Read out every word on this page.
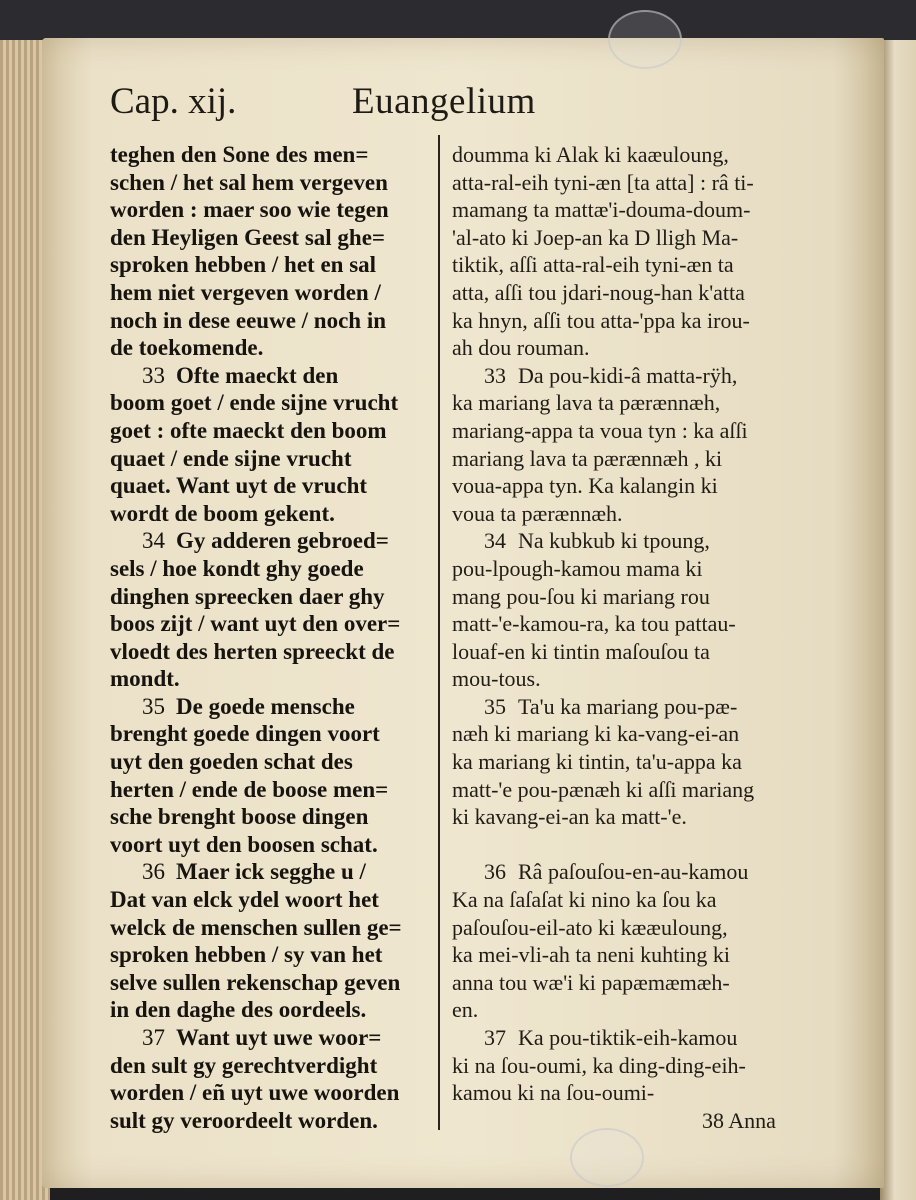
Cap. xij.	Euangelium
teghen den Sone des men=
schen / het sal hem vergeven
worden : maer soo wie tegen
den Heyligen Geest sal ghe=
sproken hebben / het en sal
hem niet vergeven worden /
noch in dese eeuwe / noch in
de toekomende.
33 Ofte maeckt den
boom goet / ende sijne vrucht
goet : ofte maeckt den boom
quaet / ende sijne vrucht
quaet. Want uyt de vrucht
wordt de boom gekent.
34 Gy adderen gebroed=
sels / hoe kondt ghy goede
dinghen spreecken daer ghy
boos zijt / want uyt den over=
vloedt des herten spreeckt de
mondt.
35 De goede mensche
brenght goede dingen voort
uyt den goeden schat des
herten / ende de boose men=
sche brenght boose dingen
voort uyt den boosen schat.
36 Maer ick segghe u /
Dat van elck ydel woort het
welck de menschen sullen ge=
sproken hebben / sy van het
selve sullen rekenschap geven
in den daghe des oordeels.
37 Want uyt uwe woor=
den sult gy gerechtverdight
worden / eñ uyt uwe woorden
sult gy veroordeelt worden.
doumma ki Alak ki kaæuloung,
atta-ral-eih tyni-æn [ta atta] : râ ti-
mamang ta mattæ'i-douma-doum-
'al-ato ki Joep-an ka D lligh Ma-
tiktik, aſſi atta-ral-eih tyni-æn ta
atta, aſſi tou jdari-noug-han k'atta
ka hnyn, aſſi tou atta-'ppa ka irou-
ah dou rouman.
33 Da pou-kidi-â matta-rÿh,
ka mariang lava ta pærænnæh,
mariang-appa ta voua tyn : ka aſſi
mariang lava ta pærænnæh , ki
voua-appa tyn. Ka kalangin ki
voua ta pærænnæh.
34 Na kubkub ki tpoung,
pou-lpough-kamou mama ki
mang pou-ſou ki mariang rou
matt-'e-kamou-ra, ka tou pattau-
louaf-en ki tintin maſouſou ta
mou-tous.
35 Ta'u ka mariang pou-pæ-
næh ki mariang ki ka-vang-ei-an
ka mariang ki tintin, ta'u-appa ka
matt-'e pou-pænæh ki aſſi mariang
ki kavang-ei-an ka matt-'e.
36 Râ paſouſou-en-au-kamou
Ka na ſaſaſat ki nino ka ſou ka
paſouſou-eil-ato ki kææuloung,
ka mei-vli-ah ta neni kuhting ki
anna tou wæ'i ki papæmæmæh-
en.
37 Ka pou-tiktik-eih-kamou
ki na ſou-oumi, ka ding-ding-eih-
kamou ki na ſou-oumi-
38 Anna
